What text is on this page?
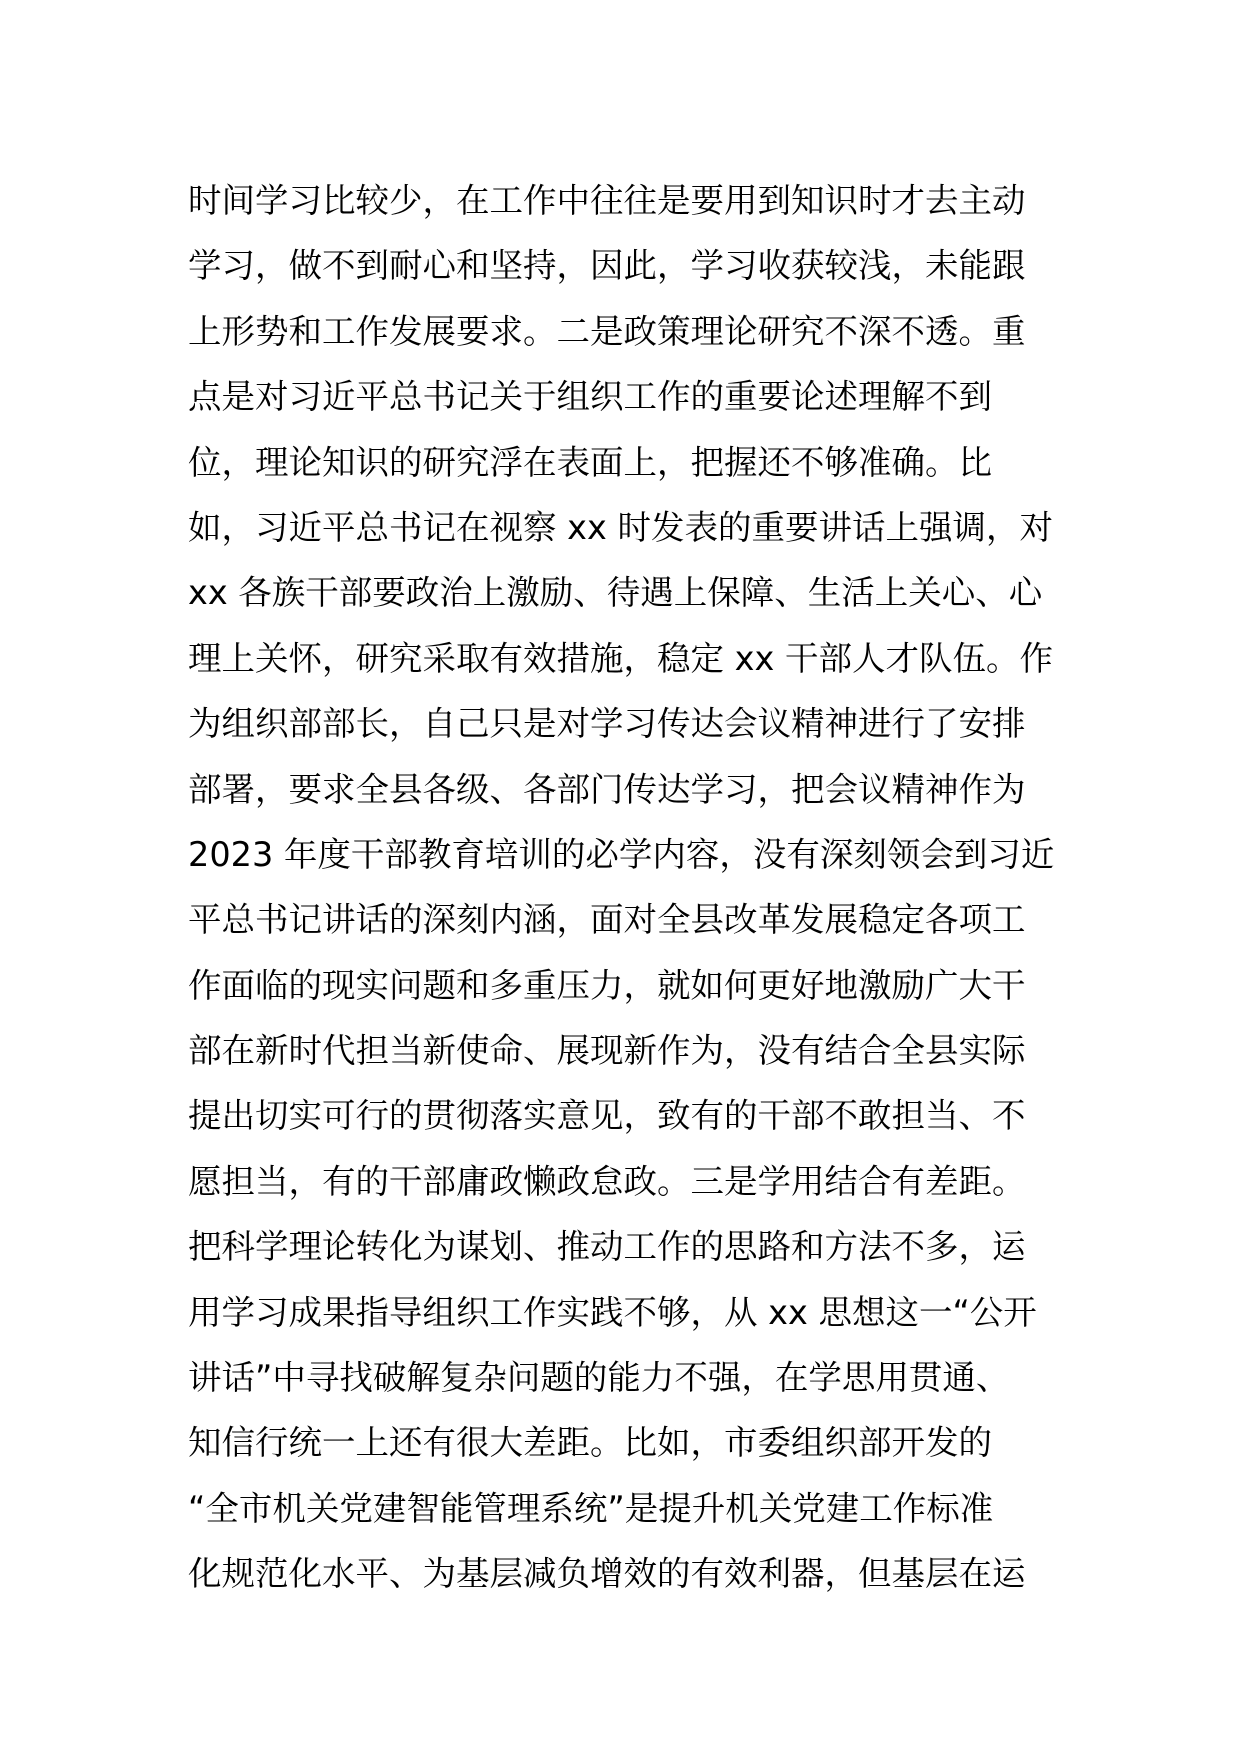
时间学习比较少，在工作中往往是要用到知识时才去主动
学习，做不到耐心和坚持，因此，学习收获较浅，未能跟
上形势和工作发展要求。二是政策理论研究不深不透。重
点是对习近平总书记关于组织工作的重要论述理解不到
位，理论知识的研究浮在表面上，把握还不够准确。比
如，习近平总书记在视察 xx 时发表的重要讲话上强调，对
xx 各族干部要政治上激励、待遇上保障、生活上关心、心
理上关怀，研究采取有效措施，稳定 xx 干部人才队伍。作
为组织部部长，自己只是对学习传达会议精神进行了安排
部署，要求全县各级、各部门传达学习，把会议精神作为
2023 年度干部教育培训的必学内容，没有深刻领会到习近
平总书记讲话的深刻内涵，面对全县改革发展稳定各项工
作面临的现实问题和多重压力，就如何更好地激励广大干
部在新时代担当新使命、展现新作为，没有结合全县实际
提出切实可行的贯彻落实意见，致有的干部不敢担当、不
愿担当，有的干部庸政懒政怠政。三是学用结合有差距。
把科学理论转化为谋划、推动工作的思路和方法不多，运
用学习成果指导组织工作实践不够，从 xx 思想这一“公开
讲话”中寻找破解复杂问题的能力不强，在学思用贯通、
知信行统一上还有很大差距。比如，市委组织部开发的
“全市机关党建智能管理系统”是提升机关党建工作标准
化规范化水平、为基层减负增效的有效利器，但基层在运
